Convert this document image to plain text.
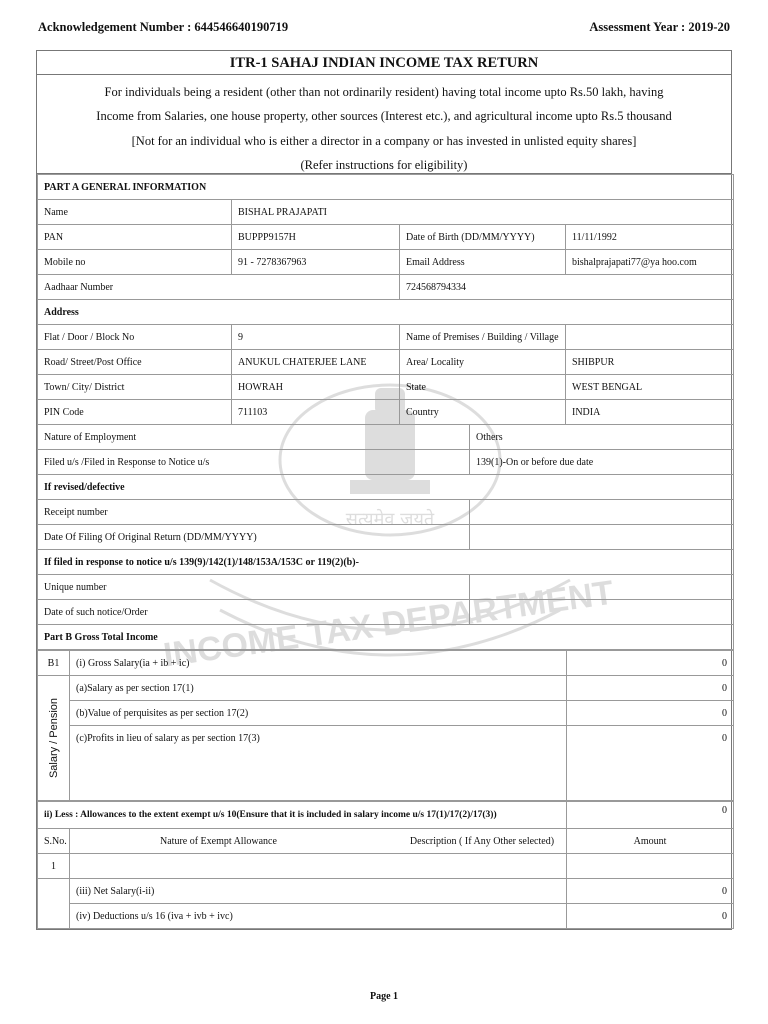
Acknowledgement Number : 644546640190719	Assessment Year : 2019-20
सत्यमेव जयते
INCOME TAX DEPARTMENT
ITR-1 SAHAJ INDIAN INCOME TAX RETURN
For individuals being a resident (other than not ordinarily resident) having total income upto Rs.50 lakh, having
Income from Salaries, one house property, other sources (Interest etc.), and agricultural income upto Rs.5 thousand
[Not for an individual who is either a director in a company or has invested in unlisted equity shares]
(Refer instructions for eligibility)
PART A GENERAL INFORMATION				
Name	BISHAL PRAJAPATI			
PAN	BUPPP9157H	Date of Birth (DD/MM/YYYY)		11/11/1992
Mobile no	91 - 7278367963	Email Address		bishalprajapati77@ya hoo.com
Aadhaar Number		724568794334		
Address				
Flat / Door / Block No	9	Name of Premises / Building / Village		
Road/ Street/Post Office	ANUKUL CHATERJEE LANE	Area/ Locality		SHIBPUR
Town/ City/ District	HOWRAH	State		WEST BENGAL
PIN Code	711103	Country		INDIA
Nature of Employment			Others	
Filed u/s /Filed in Response to Notice u/s			139(1)-On or before due date	
If revised/defective				
Receipt number				
Date Of Filing Of Original Return (DD/MM/YYYY)				
If filed in response to notice u/s 139(9)/142(1)/148/153A/153C or 119(2)(b)-				
Unique number				
Date of such notice/Order				
Part B Gross Total Income				
B1	(i) Gross Salary(ia + ib + ic)	0

Salary / Pension	(a)Salary as per section 17(1)	0
	(b)Value of perquisites as per section 17(2)	0
	(c)Profits in lieu of salary as per section 17(3)	0
ii) Less : Allowances to the extent exempt u/s 10(Ensure that it is included in salary income u/s 17(1)/17(2)/17(3))		0
S.No.	Nature of Exempt Allowance Description ( If Any Other selected)	Amount
1		
	(iii) Net Salary(i-ii)	0
	(iv) Deductions u/s 16 (iva + ivb + ivc)	0
Page 1
